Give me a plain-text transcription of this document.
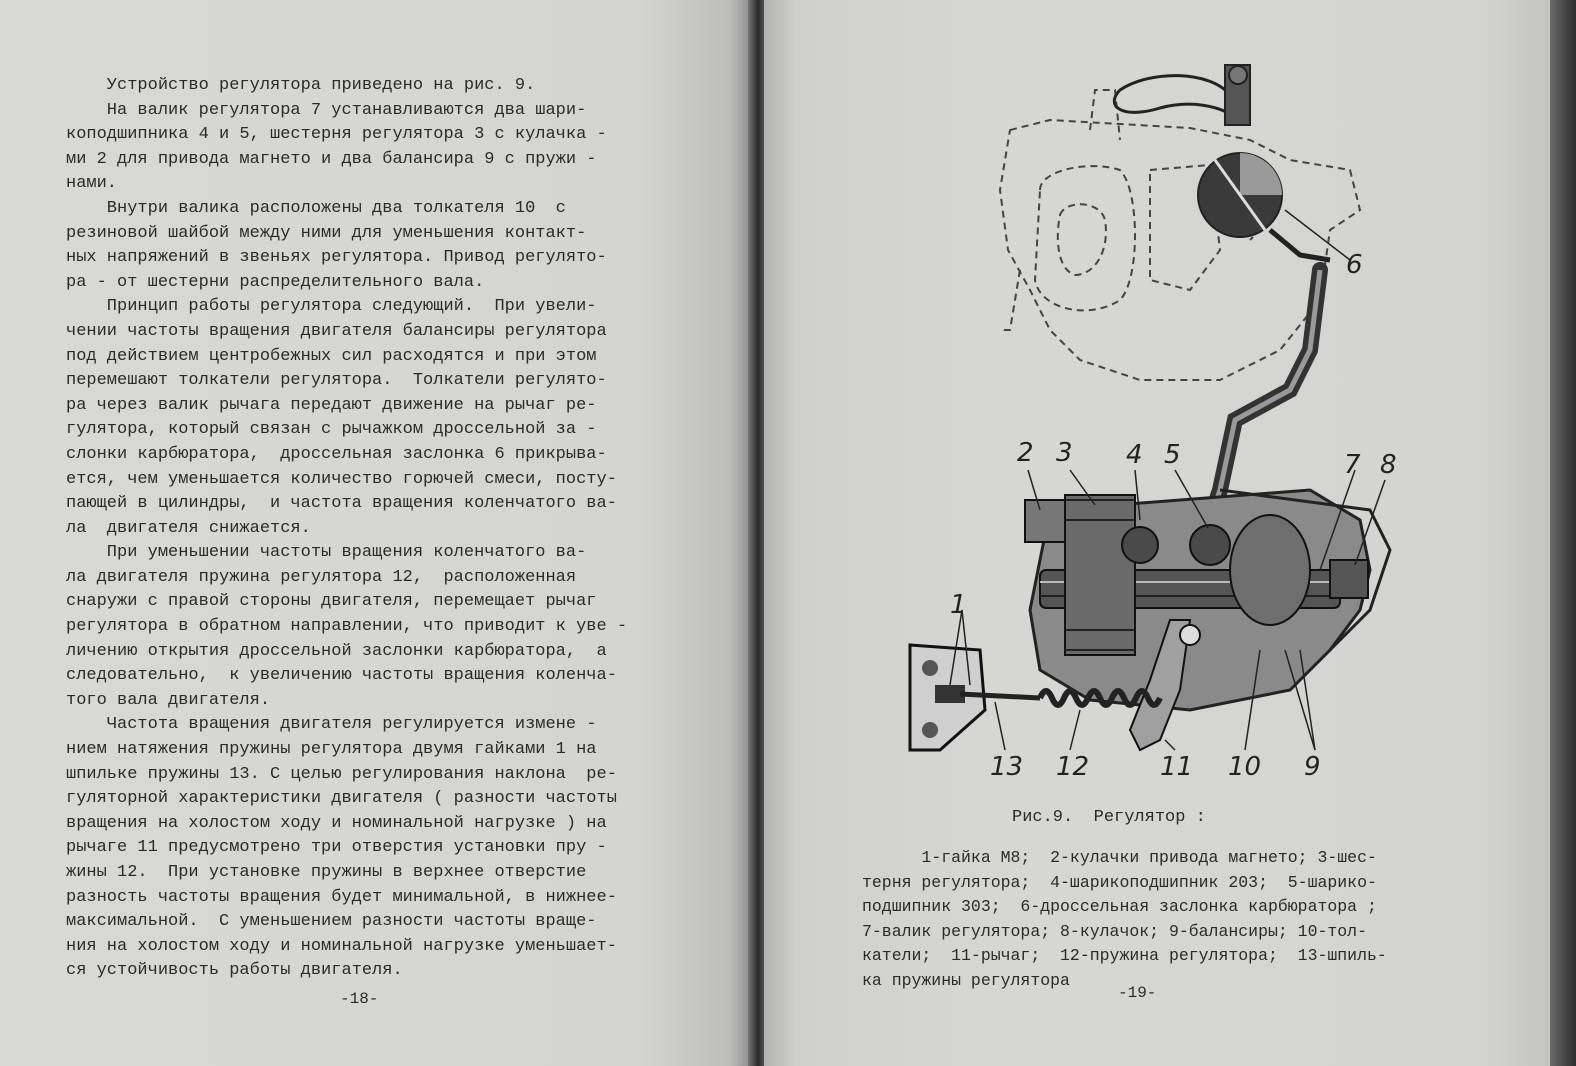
Устройство регулятора приведено на рис. 9.

На валик регулятора 7 устанавливаются два шари-

коподшипника 4 и 5, шестерня регулятора 3 с кулачка -

ми 2 для привода магнето и два балансира 9 с пружи -

нами.

Внутри валика расположены два толкателя 10  с

резиновой шайбой между ними для уменьшения контакт-

ных напряжений в звеньях регулятора. Привод регулято-

ра - от шестерни распределительного вала.

Принцип работы регулятора следующий.  При увели-

чении частоты вращения двигателя балансиры регулятора

под действием центробежных сил расходятся и при этом

перемешают толкатели регулятора.  Толкатели регулято-

ра через валик рычага передают движение на рычаг ре-

гулятора, который связан с рычажком дроссельной за -

слонки карбюратора,  дроссельная заслонка 6 прикрыва-

ется, чем уменьшается количество горючей смеси, посту-

пающей в цилиндры,  и частота вращения коленчатого ва-

ла  двигателя снижается.

При уменьшении частоты вращения коленчатого ва-

ла двигателя пружина регулятора 12,  расположенная

снаружи с правой стороны двигателя, перемещает рычаг

регулятора в обратном направлении, что приводит к уве -

личению открытия дроссельной заслонки карбюратора,  а

следовательно,  к увеличению частоты вращения коленча-

того вала двигателя.

Частота вращения двигателя регулируется измене -

нием натяжения пружины регулятора двумя гайками 1 на

шпильке пружины 13. С целью регулирования наклона  ре-

гуляторной характеристики двигателя ( разности частоты

вращения на холостом ходу и номинальной нагрузке ) на

рычаге 11 предусмотрено три отверстия установки пру -

жины 12.  При установке пружины в верхнее отверстие

разность частоты вращения будет минимальной, в нижнее-

максимальной.  С уменьшением разности частоты враще-

ния на холостом ходу и номинальной нагрузке уменьшает-

ся устойчивость работы двигателя.

-18-
1
2 3 4 5
6
7 8
9
10
11
12
13
Рис.9.  Регулятор :

1-гайка М8;  2-кулачки привода магнето; 3-шес-

терня регулятора;  4-шарикоподшипник 203;  5-шарико-

подшипник 303;  6-дроссельная заслонка карбюратора ;

7-валик регулятора; 8-кулачок; 9-балансиры; 10-тол-

катели;  11-рычаг;  12-пружина регулятора;  13-шпиль-

ка пружины регулятора

-19-
